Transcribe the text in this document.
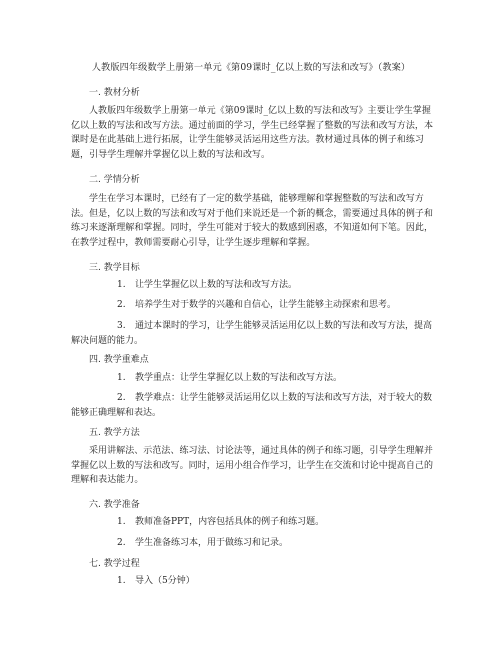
人教版四年级数学上册第一单元《第09课时_亿以上数的写法和改写》（教案）
一. 教材分析

人教版四年级数学上册第一单元《第09课时_亿以上数的写法和改写》主要让学生掌握亿以上数的写法和改写方法。通过前面的学习，学生已经掌握了整数的写法和改写方法，本课时是在此基础上进行拓展，让学生能够灵活运用这些方法。教材通过具体的例子和练习题，引导学生理解并掌握亿以上数的写法和改写。

二. 学情分析

学生在学习本课时，已经有了一定的数学基础，能够理解和掌握整数的写法和改写方法。但是，亿以上数的写法和改写对于他们来说还是一个新的概念，需要通过具体的例子和练习来逐渐理解和掌握。同时，学生可能对于较大的数感到困惑，不知道如何下笔。因此，在教学过程中，教师需要耐心引导，让学生逐步理解和掌握。

三. 教学目标

1. 让学生掌握亿以上数的写法和改写方法。

2. 培养学生对于数学的兴趣和自信心，让学生能够主动探索和思考。

3. 通过本课时的学习，让学生能够灵活运用亿以上数的写法和改写方法，提高解决问题的能力。

四. 教学重难点

1. 教学重点：让学生掌握亿以上数的写法和改写方法。

2. 教学难点：让学生能够灵活运用亿以上数的写法和改写方法，对于较大的数能够正确理解和表达。

五. 教学方法

采用讲解法、示范法、练习法、讨论法等，通过具体的例子和练习题，引导学生理解并掌握亿以上数的写法和改写。同时，运用小组合作学习，让学生在交流和讨论中提高自己的理解和表达能力。

六. 教学准备

1. 教师准备PPT，内容包括具体的例子和练习题。

2. 学生准备练习本，用于做练习和记录。

七. 教学过程

1. 导入（5分钟）
